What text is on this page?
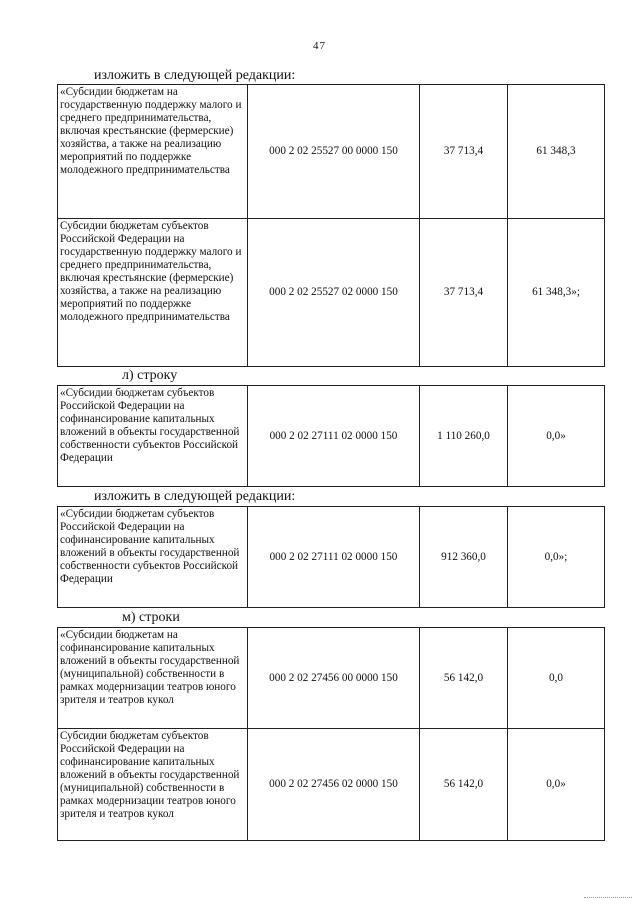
47
изложить в следующей редакции:
«Субсидии бюджетам на государственную поддержку малого и среднего предпринимательства, включая крестьянские (фермерские) хозяйства, а также на реализацию мероприятий по поддержке молодежного предпринимательства	000 2 02 25527 00 0000 150	37 713,4	61 348,3
Субсидии бюджетам субъектов Российской Федерации на государственную поддержку малого и среднего предпринимательства, включая крестьянские (фермерские) хозяйства, а также на реализацию мероприятий по поддержке молодежного предпринимательства	000 2 02 25527 02 0000 150	37 713,4	61 348,3»;
л) строку
«Субсидии бюджетам субъектов Российской Федерации на софинансирование капитальных вложений в объекты государственной собственности субъектов Российской Федерации	000 2 02 27111 02 0000 150	1 110 260,0	0,0»
изложить в следующей редакции:
«Субсидии бюджетам субъектов Российской Федерации на софинансирование капитальных вложений в объекты государственной собственности субъектов Российской Федерации	000 2 02 27111 02 0000 150	912 360,0	0,0»;
м) строки
«Субсидии бюджетам на софинансирование капитальных вложений в объекты государственной (муниципальной) собственности в рамках модернизации театров юного зрителя и театров кукол	000 2 02 27456 00 0000 150	56 142,0	0,0
Субсидии бюджетам субъектов Российской Федерации на софинансирование капитальных вложений в объекты государственной (муниципальной) собственности в рамках модернизации театров юного зрителя и театров кукол	000 2 02 27456 02 0000 150	56 142,0	0,0»
